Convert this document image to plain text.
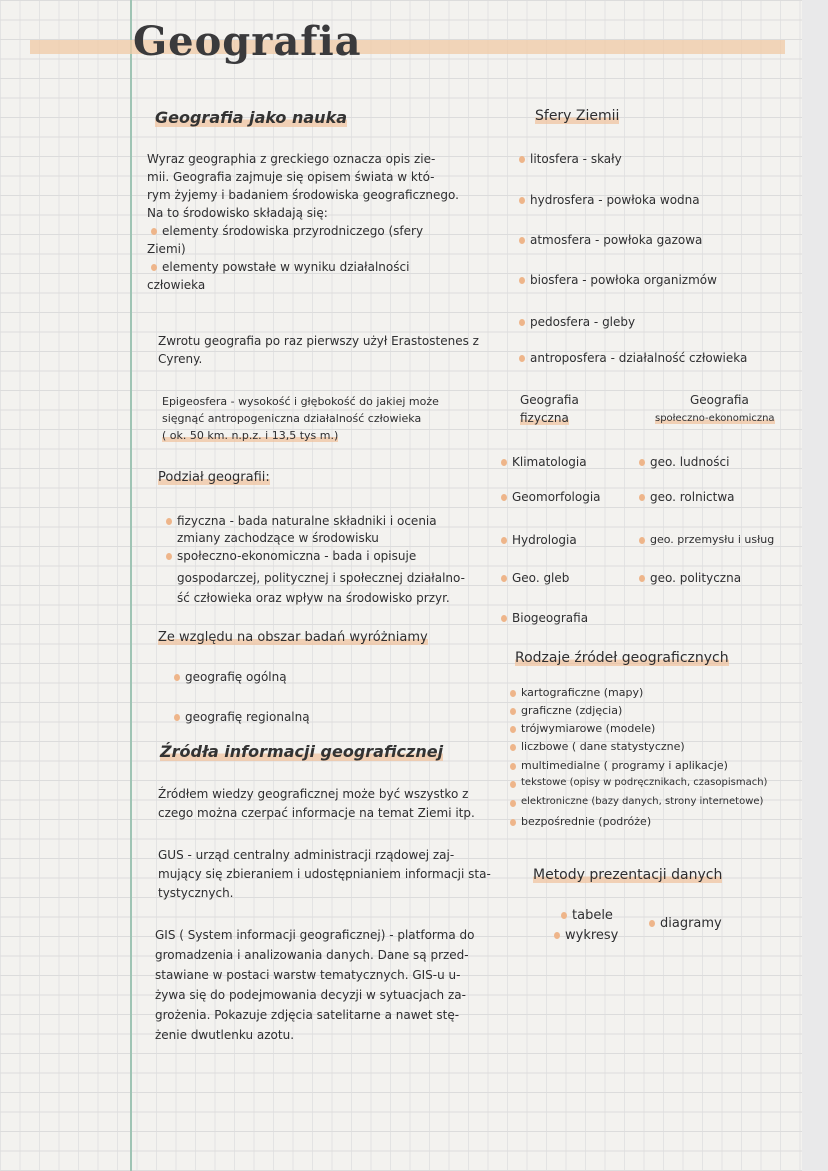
Geografia
Geografia jako nauka
Wyraz geographia z greckiego oznacza opis zie-
mii. Geografia zajmuje się opisem świata w któ-
rym żyjemy i badaniem środowiska geograficznego.
Na to środowisko składają się:
elementy środowiska przyrodniczego (sfery
Ziemi)
elementy powstałe w wyniku działalności
człowieka
Zwrotu geografia po raz pierwszy użył Erastostenes z
Cyreny.
Epigeosfera - wysokość i głębokość do jakiej może
sięgnąć antropogeniczna działalność człowieka
( ok. 50 km. n.p.z. i 13,5 tys m.)
Podział geografii:
fizyczna - bada naturalne składniki i ocenia
zmiany zachodzące w środowisku
społeczno-ekonomiczna - bada i opisuje
gospodarczej, politycznej i społecznej działalno-
ść człowieka oraz wpływ na środowisko przyr.
Ze względu na obszar badań wyróżniamy
geografię ogólną
geografię regionalną
Źródła informacji geograficznej
Źródłem wiedzy geograficznej może być wszystko z
czego można czerpać informacje na temat Ziemi itp.
GUS - urząd centralny administracji rządowej zaj-
mujący się zbieraniem i udostępnianiem informacji sta-
tystycznych.
GIS ( System informacji geograficznej) - platforma do
gromadzenia i analizowania danych. Dane są przed-
stawiane w postaci warstw tematycznych. GIS-u u-
żywa się do podejmowania decyzji w sytuacjach za-
grożenia. Pokazuje zdjęcia satelitarne a nawet stę-
żenie dwutlenku azotu.
Sfery Ziemii
litosfera - skały
hydrosfera - powłoka wodna
atmosfera - powłoka gazowa
biosfera - powłoka organizmów
pedosfera - gleby
antroposfera - działalność człowieka
Geografia
fizyczna
Geografia
społeczno-ekonomiczna
Klimatologia
Geomorfologia
Hydrologia
Geo. gleb
Biogeografia
geo. ludności
geo. rolnictwa
geo. przemysłu i usług
geo. polityczna
Rodzaje źródeł geograficznych
kartograficzne (mapy)
graficzne (zdjęcia)
trójwymiarowe (modele)
liczbowe ( dane statystyczne)
multimedialne ( programy i aplikacje)
tekstowe (opisy w podręcznikach, czasopismach)
elektroniczne (bazy danych, strony internetowe)
bezpośrednie (podróże)
Metody prezentacji danych
tabele
wykresy
diagramy
